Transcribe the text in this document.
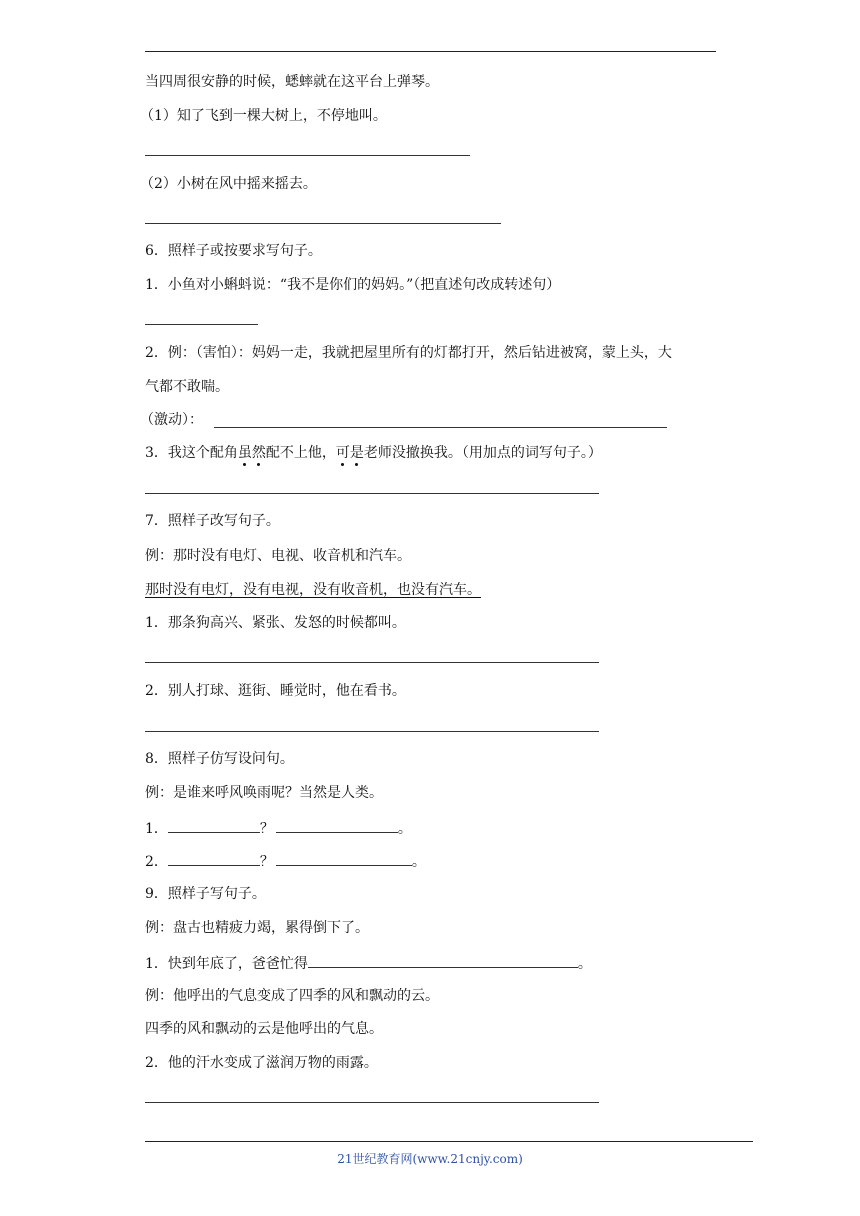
当四周很安静的时候，蟋蟀就在这平台上弹琴。
（1）知了飞到一棵大树上，不停地叫。
（2）小树在风中摇来摇去。
6．照样子或按要求写句子。
1．小鱼对小蝌蚪说：“我不是你们的妈妈。”（把直述句改成转述句）
2．例：（害怕）：妈妈一走，我就把屋里所有的灯都打开，然后钻进被窝，蒙上头，大
气都不敢喘。
（激动）：
3．我这个配角虽然配不上他，可是老师没撤换我。（用加点的词写句子。）
7．照样子改写句子。
例：那时没有电灯、电视、收音机和汽车。
那时没有电灯，没有电视，没有收音机，也没有汽车。
1．那条狗高兴、紧张、发怒的时候都叫。
2．别人打球、逛街、睡觉时，他在看书。
8．照样子仿写设问句。
例：是谁来呼风唤雨呢？当然是人类。
1．	？	。
2．	？	。
9．照样子写句子。
例：盘古也精疲力竭，累得倒下了。
1．快到年底了，爸爸忙得	。
例：他呼出的气息变成了四季的风和飘动的云。
四季的风和飘动的云是他呼出的气息。
2．他的汗水变成了滋润万物的雨露。
21世纪教育网(www.21cnjy.com)
